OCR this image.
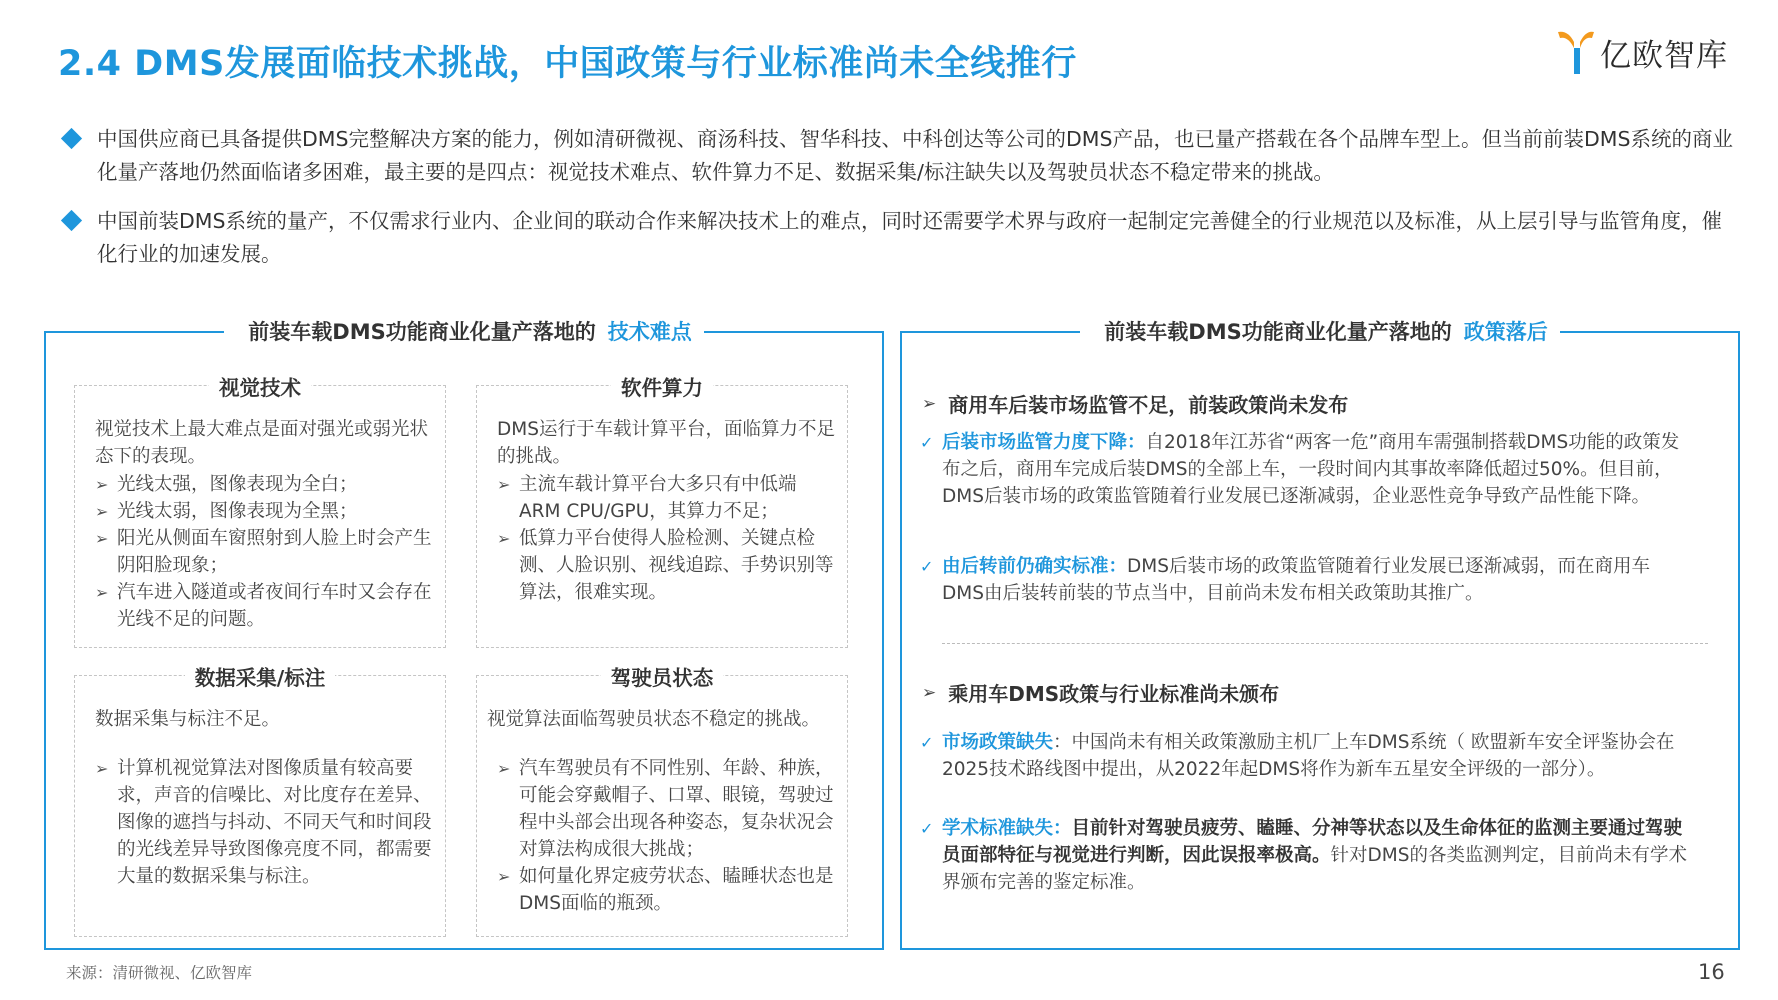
2.4 DMS发展面临技术挑战，中国政策与行业标准尚未全线推行	亿欧智库
中国供应商已具备提供DMS完整解决方案的能力，例如清研微视、商汤科技、智华科技、中科创达等公司的DMS产品，也已量产搭载在各个品牌车型上。但当前前装DMS系统的商业化量产落地仍然面临诸多困难，最主要的是四点：视觉技术难点、软件算力不足、数据采集/标注缺失以及驾驶员状态不稳定带来的挑战。
中国前装DMS系统的量产，不仅需求行业内、企业间的联动合作来解决技术上的难点，同时还需要学术界与政府一起制定完善健全的行业规范以及标准，从上层引导与监管角度，催化行业的加速发展。
前装车载DMS功能商业化量产落地的 技术难点
视觉技术
视觉技术上最大难点是面对强光或弱光状态下的表现。
➢ 光线太强，图像表现为全白；
➢ 光线太弱，图像表现为全黑；
➢ 阳光从侧面车窗照射到人脸上时会产生阴阳脸现象；
➢ 汽车进入隧道或者夜间行车时又会存在光线不足的问题。
软件算力
DMS运行于车载计算平台，面临算力不足的挑战。
➢ 主流车载计算平台大多只有中低端ARM CPU/GPU，其算力不足；
➢ 低算力平台使得人脸检测、关键点检测、人脸识别、视线追踪、手势识别等算法，很难实现。
数据采集/标注
数据采集与标注不足。
➢ 计算机视觉算法对图像质量有较高要求，声音的信噪比、对比度存在差异、图像的遮挡与抖动、不同天气和时间段的光线差异导致图像亮度不同，都需要大量的数据采集与标注。
驾驶员状态
视觉算法面临驾驶员状态不稳定的挑战。
➢ 汽车驾驶员有不同性别、年龄、种族，可能会穿戴帽子、口罩、眼镜，驾驶过程中头部会出现各种姿态，复杂状况会对算法构成很大挑战；
➢ 如何量化界定疲劳状态、瞌睡状态也是DMS面临的瓶颈。
前装车载DMS功能商业化量产落地的 政策落后
➢ 商用车后装市场监管不足，前装政策尚未发布
✓ 后装市场监管力度下降：自2018年江苏省“两客一危”商用车需强制搭载DMS功能的政策发布之后，商用车完成后装DMS的全部上车，一段时间内其事故率降低超过50%。但目前，DMS后装市场的政策监管随着行业发展已逐渐减弱，企业恶性竞争导致产品性能下降。
✓ 由后转前仍确实标准：DMS后装市场的政策监管随着行业发展已逐渐减弱，而在商用车DMS由后装转前装的节点当中，目前尚未发布相关政策助其推广。
➢ 乘用车DMS政策与行业标准尚未颁布
✓ 市场政策缺失：中国尚未有相关政策激励主机厂上车DMS系统（ 欧盟新车安全评鉴协会在2025技术路线图中提出，从2022年起DMS将作为新车五星安全评级的一部分）。
✓ 学术标准缺失：目前针对驾驶员疲劳、瞌睡、分神等状态以及生命体征的监测主要通过驾驶员面部特征与视觉进行判断，因此误报率极高。针对DMS的各类监测判定，目前尚未有学术界颁布完善的鉴定标准。
来源：清研微视、亿欧智库	16
